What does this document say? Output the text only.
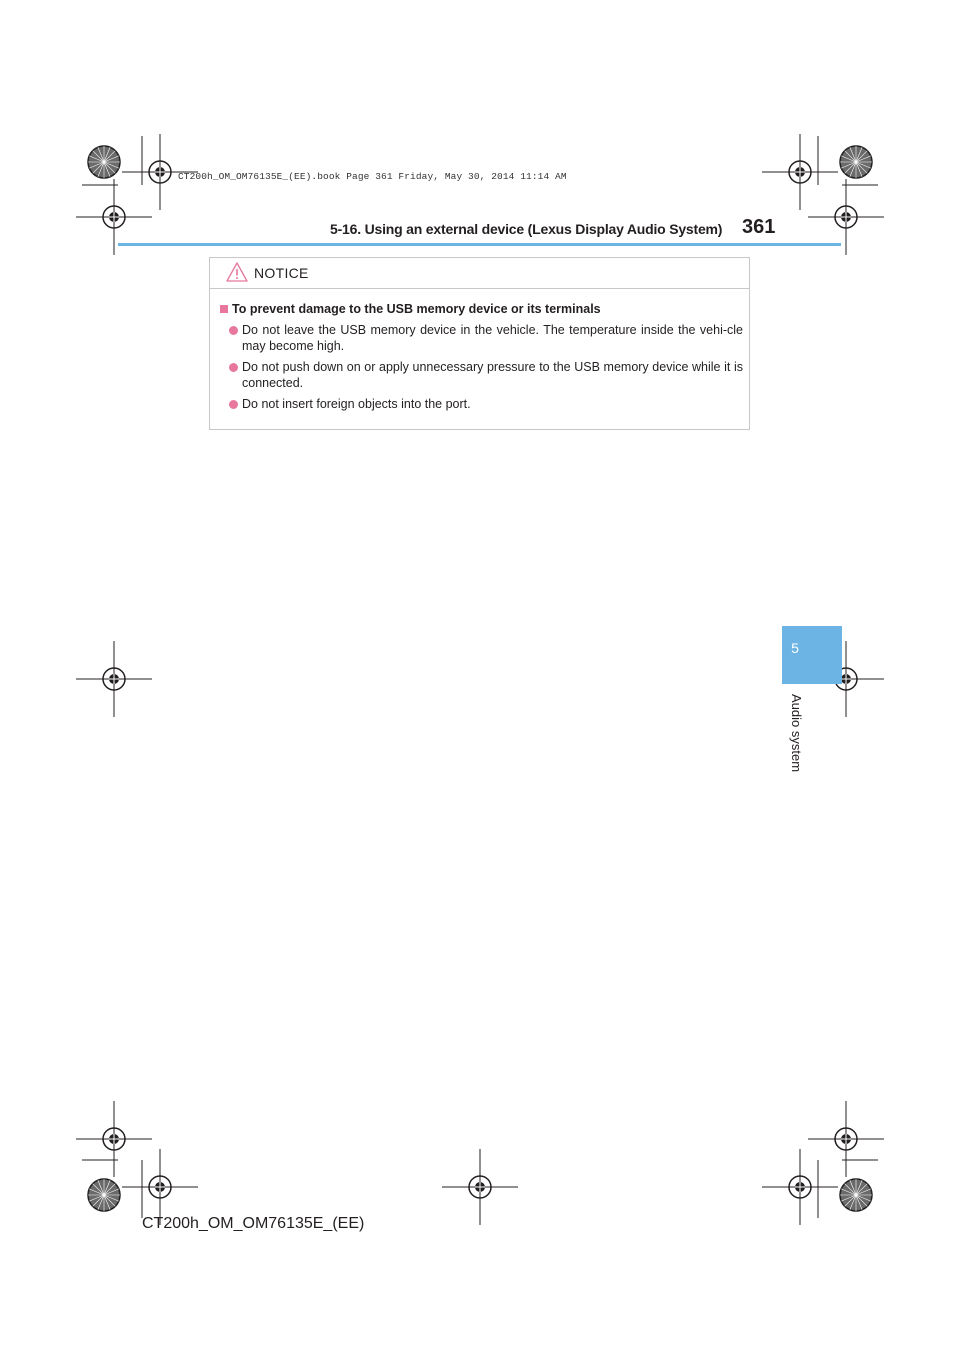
CT200h_OM_OM76135E_(EE).book Page 361 Friday, May 30, 2014 11:14 AM
5-16. Using an external device (Lexus Display Audio System) 361
5
Audio system
NOTICE
To prevent damage to the USB memory device or its terminals
Do not leave the USB memory device in the vehicle. The temperature inside the vehi-cle may become high.
Do not push down on or apply unnecessary pressure to the USB memory device while it is connected.
Do not insert foreign objects into the port.
CT200h_OM_OM76135E_(EE)
